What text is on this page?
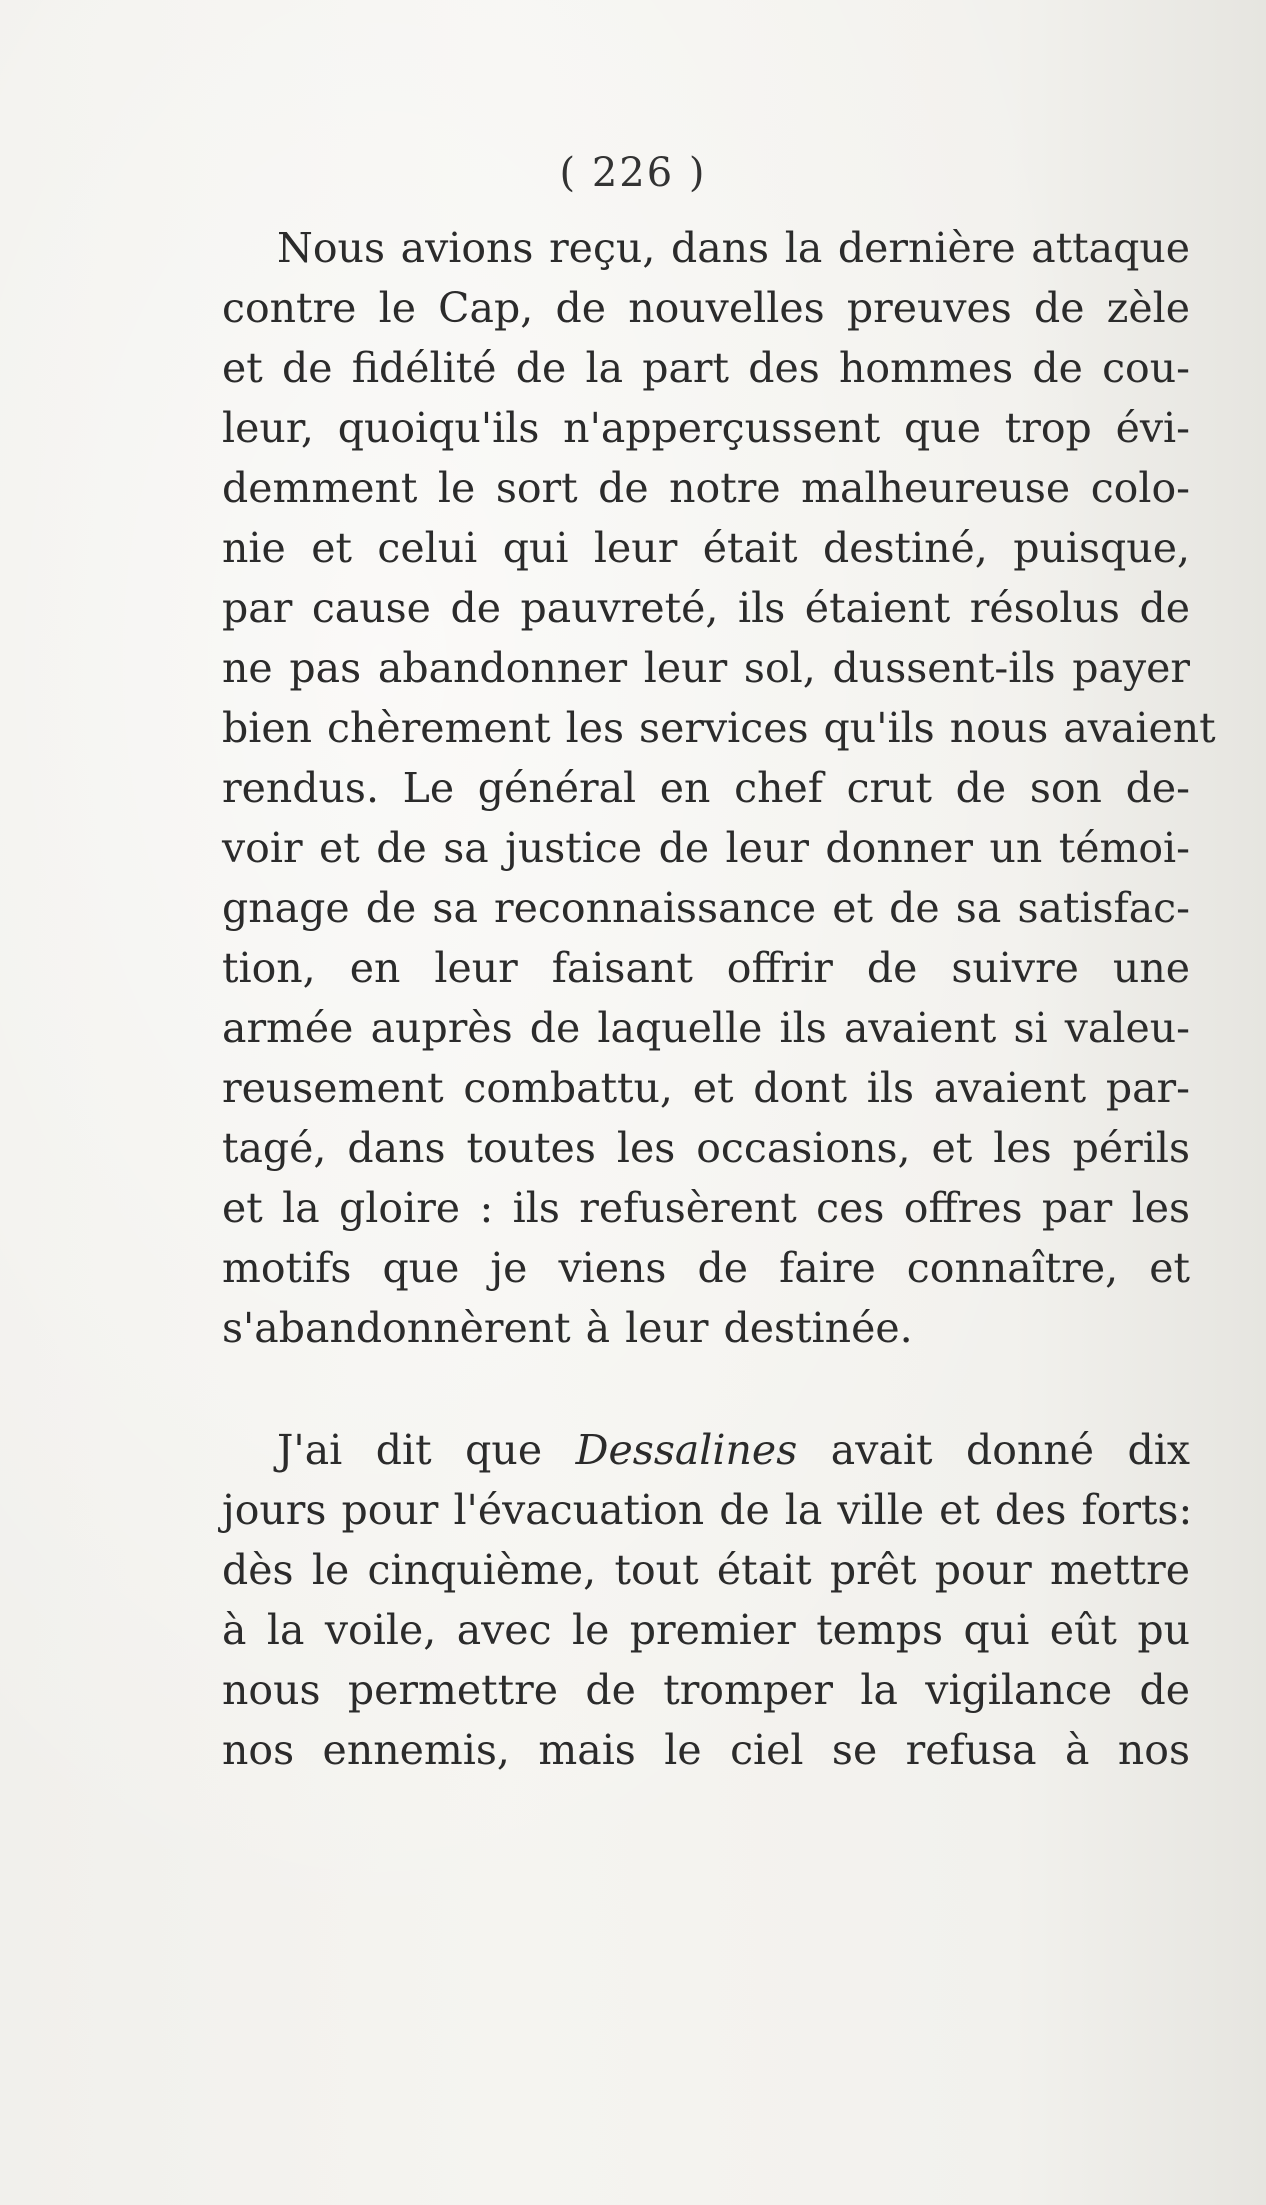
( 226 )
Nous avions reçu, dans la dernière attaque
contre le Cap, de nouvelles preuves de zèle
et de fidélité de la part des hommes de cou-
leur, quoiqu'ils n'apperçussent que trop évi-
demment le sort de notre malheureuse colo-
nie et celui qui leur était destiné, puisque,
par cause de pauvreté, ils étaient résolus de
ne pas abandonner leur sol, dussent-ils payer
bien chèrement les services qu'ils nous avaient
rendus. Le général en chef crut de son de-
voir et de sa justice de leur donner un témoi-
gnage de sa reconnaissance et de sa satisfac-
tion, en leur faisant offrir de suivre une
armée auprès de laquelle ils avaient si valeu-
reusement combattu, et dont ils avaient par-
tagé, dans toutes les occasions, et les périls
et la gloire : ils refusèrent ces offres par les
motifs que je viens de faire connaître, et
s'abandonnèrent à leur destinée.
J'ai dit que Dessalines avait donné dix
jours pour l'évacuation de la ville et des forts:
dès le cinquième, tout était prêt pour mettre
à la voile, avec le premier temps qui eût pu
nous permettre de tromper la vigilance de
nos ennemis, mais le ciel se refusa à nos
